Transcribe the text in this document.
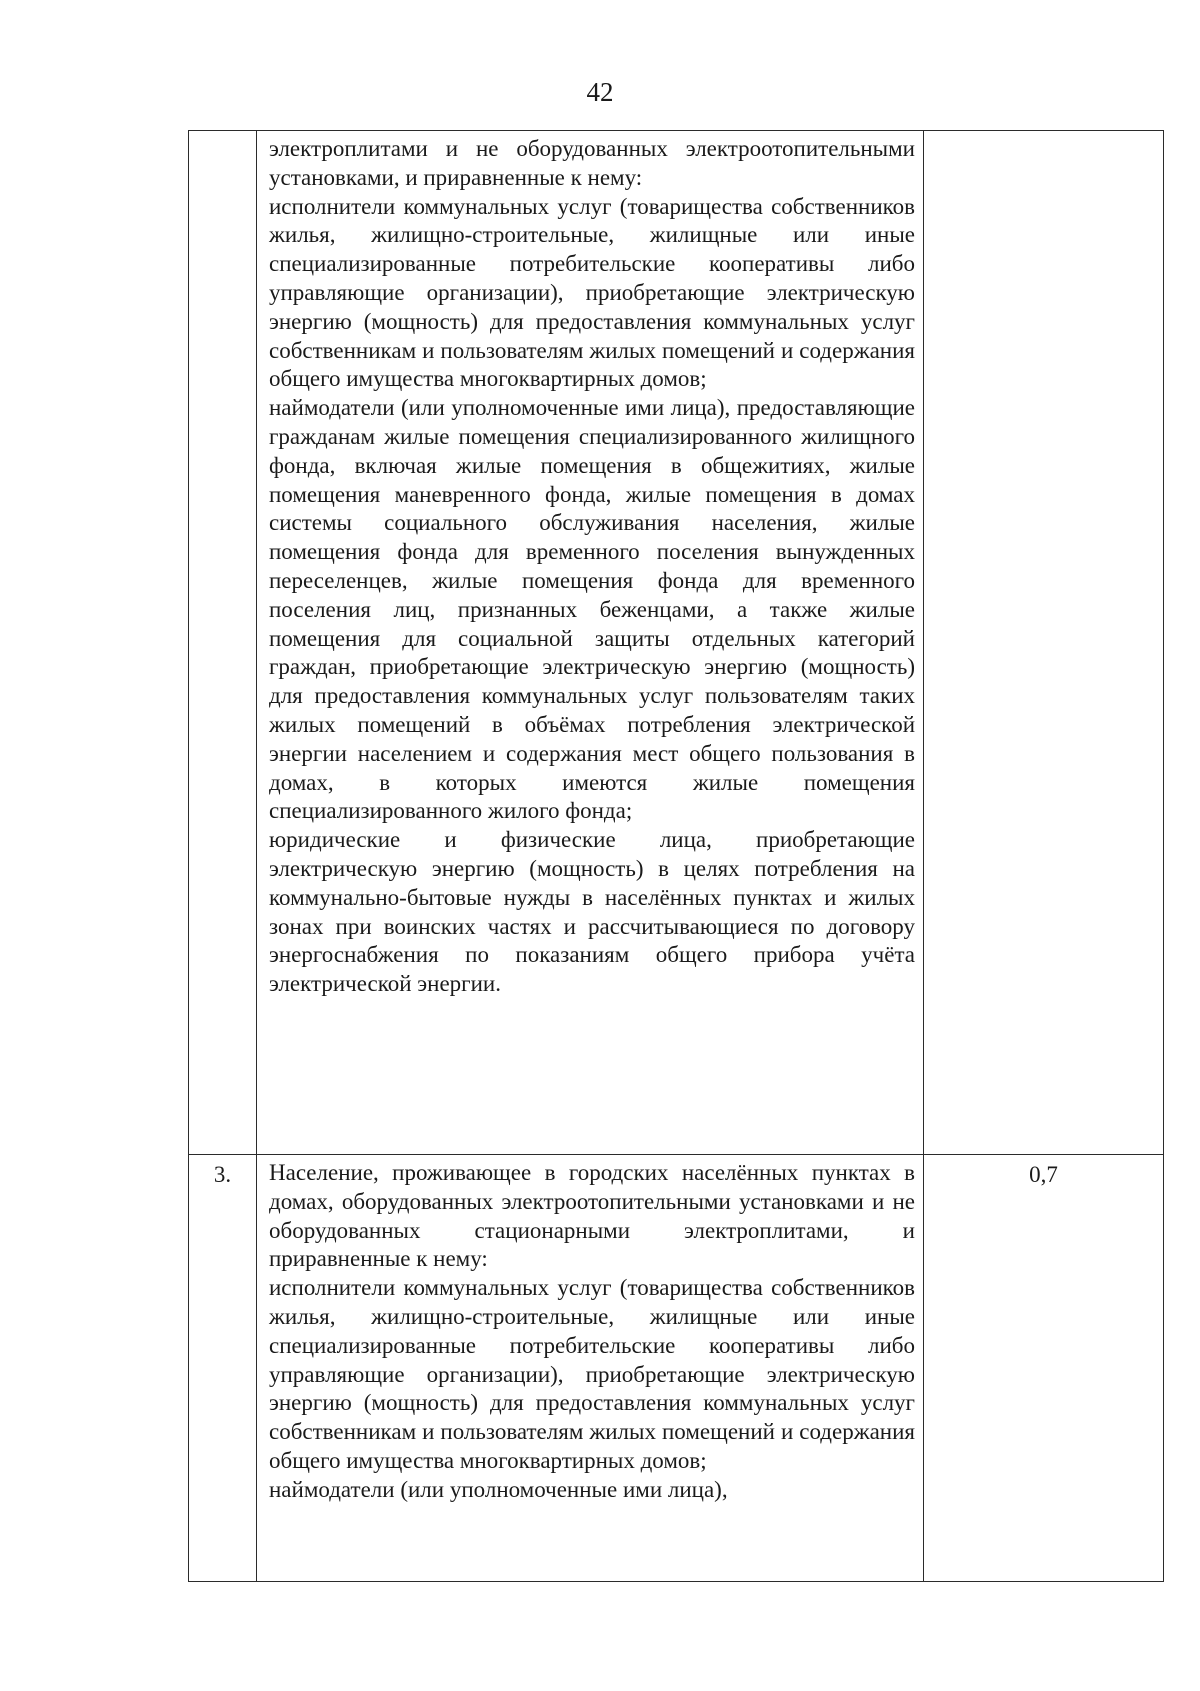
42

	электроплитами и не оборудованных электроотопительными установками, и приравненные к нему:
исполнители коммунальных услуг (товарищества собственников жилья, жилищно-строительные, жилищные или иные специализированные потребительские кооперативы либо управляющие организации), приобретающие электрическую энергию (мощность) для предоставления коммунальных услуг собственникам и пользователям жилых помещений и содержания общего имущества многоквартирных домов;
наймодатели (или уполномоченные ими лица), предоставляющие гражданам жилые помещения специализированного жилищного фонда, включая жилые помещения в общежитиях, жилые помещения маневренного фонда, жилые помещения в домах системы социального обслуживания населения, жилые помещения фонда для временного поселения вынужденных переселенцев, жилые помещения фонда для временного поселения лиц, признанных беженцами, а также жилые помещения для социальной защиты отдельных категорий граждан, приобретающие электрическую энергию (мощность) для предоставления коммунальных услуг пользователям таких жилых помещений в объёмах потребления электрической энергии населением и содержания мест общего пользования в домах, в которых имеются жилые помещения специализированного жилого фонда;
юридические и физические лица, приобретающие электрическую энергию (мощность) в целях потребления на коммунально-бытовые нужды в населённых пунктах и жилых зонах при воинских частях и рассчитывающиеся по договору энергоснабжения по показаниям общего прибора учёта электрической энергии.	

3.	Население, проживающее в городских населённых пунктах в домах, оборудованных электроотопительными установками и не оборудованных стационарными электроплитами, и приравненные к нему:
исполнители коммунальных услуг (товарищества собственников жилья, жилищно-строительные, жилищные или иные специализированные потребительские кооперативы либо управляющие организации), приобретающие электрическую энергию (мощность) для предоставления коммунальных услуг собственникам и пользователям жилых помещений и содержания общего имущества многоквартирных домов;
наймодатели (или уполномоченные ими лица),	0,7
